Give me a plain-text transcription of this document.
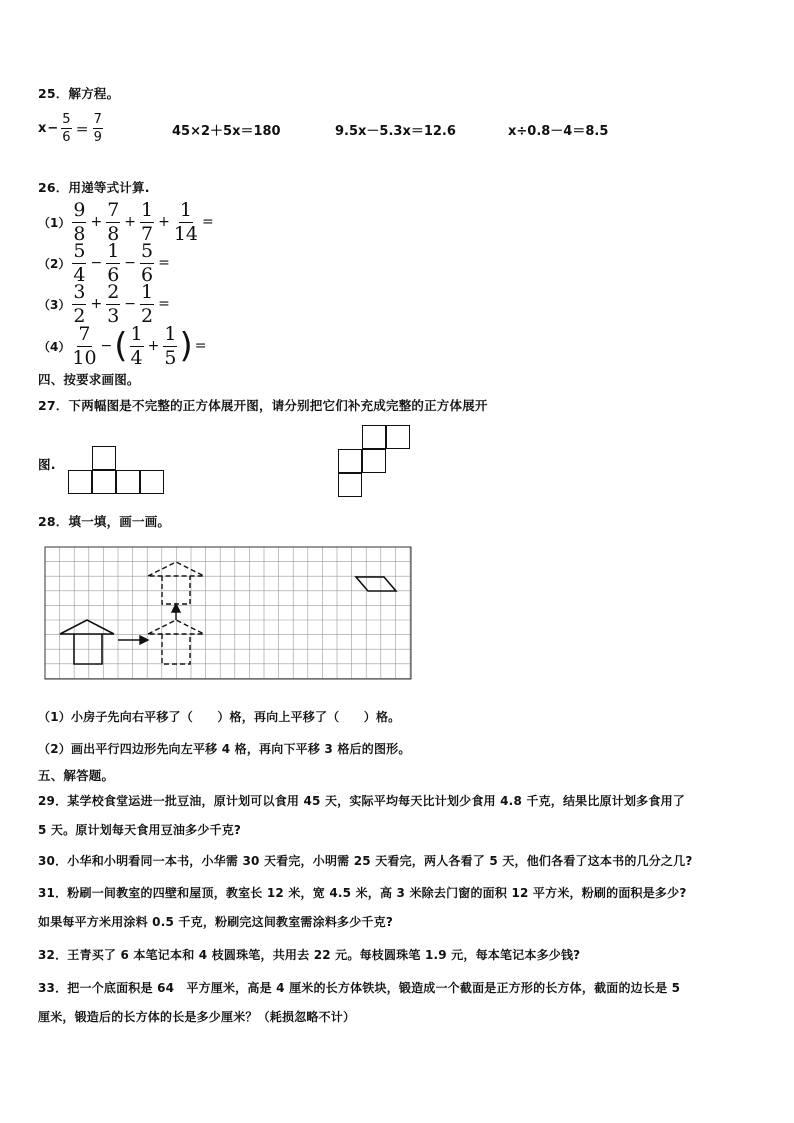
25．解方程。
$x - \frac{5}{6} = \frac{7}{9}$	45×2＋5x＝180	9.5x－5.3x＝12.6	x÷0.8－4＝8.5
26．用递等式计算.
$(1) \frac{9}{8} + \frac{7}{8} + \frac{1}{7} + \frac{1}{14}$ =
$(2) \frac{5}{4} - \frac{1}{6} - \frac{5}{6}$ =
$(3) \frac{3}{2} + \frac{2}{3} - \frac{1}{2}$ =
$(4) \frac{7}{10}$ − ( $\frac{1}{4} + \frac{1}{5}$ ) =
四、按要求画图。
27．下两幅图是不完整的正方体展开图，请分别把它们补充成完整的正方体展开
图.
28．填一填，画一画。
（1）小房子先向右平移了（　　）格，再向上平移了（　　）格。
（2）画出平行四边形先向左平移 4 格，再向下平移 3 格后的图形。
五、解答题。
29．某学校食堂运进一批豆油，原计划可以食用 45 天，实际平均每天比计划少食用 4.8 千克，结果比原计划多食用了
5 天。原计划每天食用豆油多少千克?
30．小华和小明看同一本书，小华需 30 天看完，小明需 25 天看完，两人各看了 5 天，他们各看了这本书的几分之几?
31．粉刷一间教室的四壁和屋顶，教室长 12 米，宽 4.5 米，高 3 米除去门窗的面积 12 平方米，粉刷的面积是多少?
如果每平方米用涂料 0.5 千克，粉刷完这间教室需涂料多少千克?
32．王青买了 6 本笔记本和 4 枝圆珠笔，共用去 22 元。每枝圆珠笔 1.9 元，每本笔记本多少钱?
33．把一个底面积是 64　平方厘米，高是 4 厘米的长方体铁块，锻造成一个截面是正方形的长方体，截面的边长是 5
厘米，锻造后的长方体的长是多少厘米？（耗损忽略不计）
